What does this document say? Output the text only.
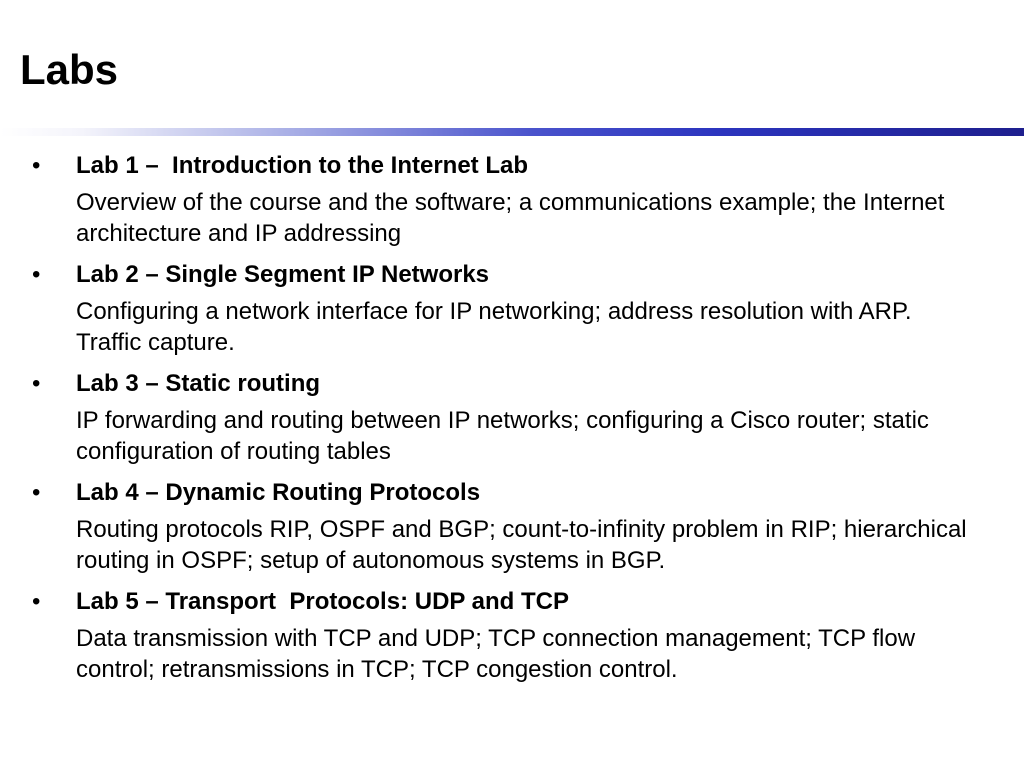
Labs
•	Lab 1 –  Introduction to the Internet Lab

Overview of the course and the software; a communications example; the Internet architecture and IP addressing

•	Lab 2 – Single Segment IP Networks

Configuring a network interface for IP networking; address resolution with ARP. Traffic capture.

•	Lab 3 – Static routing

IP forwarding and routing between IP networks; configuring a Cisco router; static configuration of routing tables

•	Lab 4 – Dynamic Routing Protocols

Routing protocols RIP, OSPF and BGP; count-to-infinity problem in RIP; hierarchical routing in OSPF; setup of autonomous systems in BGP.

•	Lab 5 – Transport  Protocols: UDP and TCP

Data transmission with TCP and UDP; TCP connection management; TCP flow control; retransmissions in TCP; TCP congestion control.
